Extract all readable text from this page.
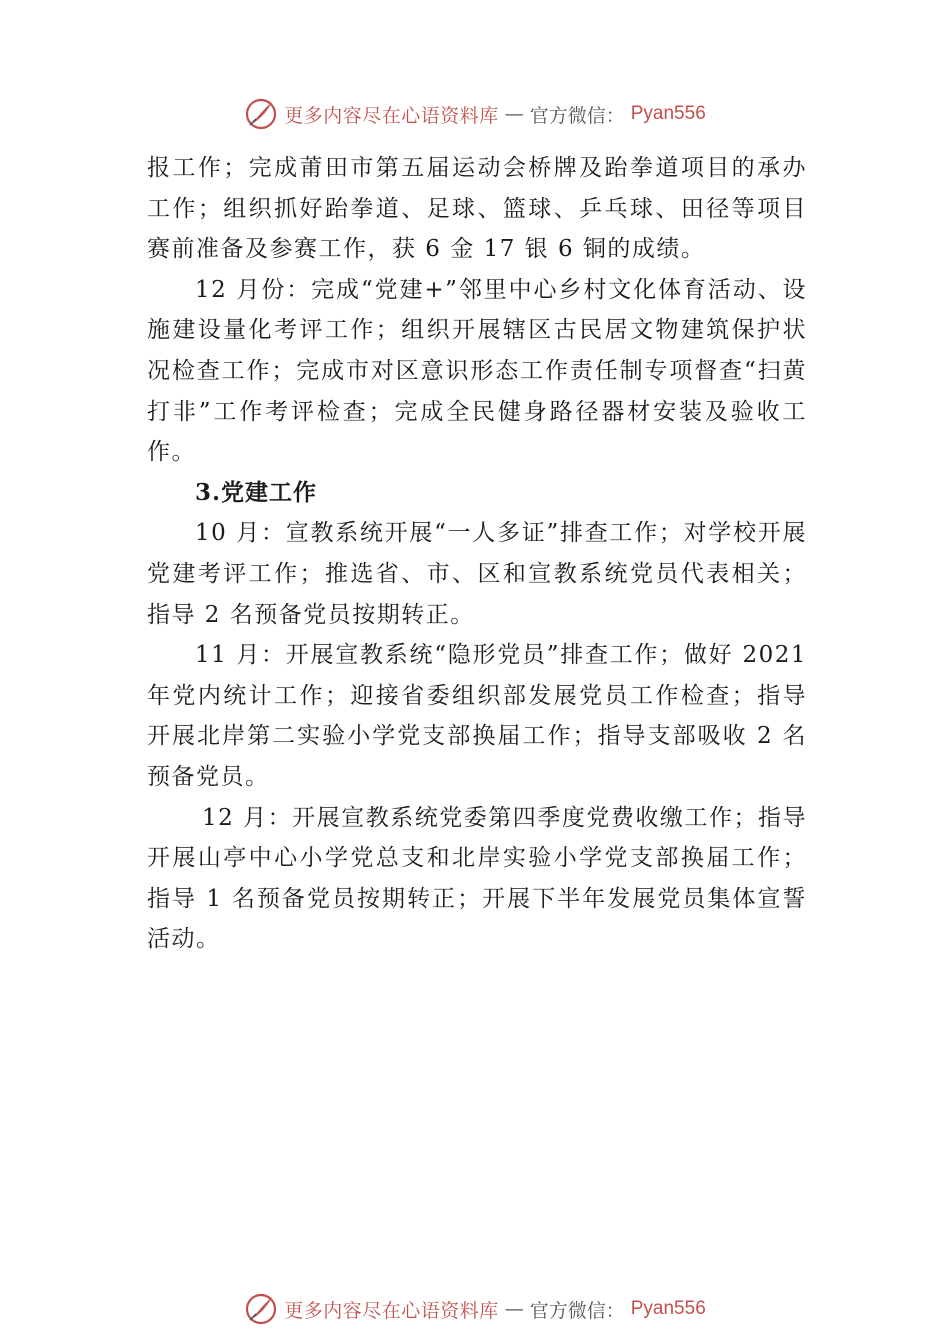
更多内容尽在心语资料库 — 官方微信： Pyan556

报工作；完成莆田市第五届运动会桥牌及跆拳道项目的承办工作；组织抓好跆拳道、足球、篮球、乒乓球、田径等项目赛前准备及参赛工作，获 6 金 17 银 6 铜的成绩。

12 月份：完成“党建+”邻里中心乡村文化体育活动、设施建设量化考评工作；组织开展辖区古民居文物建筑保护状况检查工作；完成市对区意识形态工作责任制专项督查“扫黄打非”工作考评检查；完成全民健身路径器材安装及验收工作。

3.党建工作

10 月：宣教系统开展“一人多证”排查工作；对学校开展党建考评工作；推选省、市、区和宣教系统党员代表相关；指导 2 名预备党员按期转正。

11 月：开展宣教系统“隐形党员”排查工作；做好 2021 年党内统计工作；迎接省委组织部发展党员工作检查；指导开展北岸第二实验小学党支部换届工作；指导支部吸收 2 名预备党员。

12 月：开展宣教系统党委第四季度党费收缴工作；指导开展山亭中心小学党总支和北岸实验小学党支部换届工作； 指导 1 名预备党员按期转正；开展下半年发展党员集体宣誓活动。

更多内容尽在心语资料库 — 官方微信： Pyan556
